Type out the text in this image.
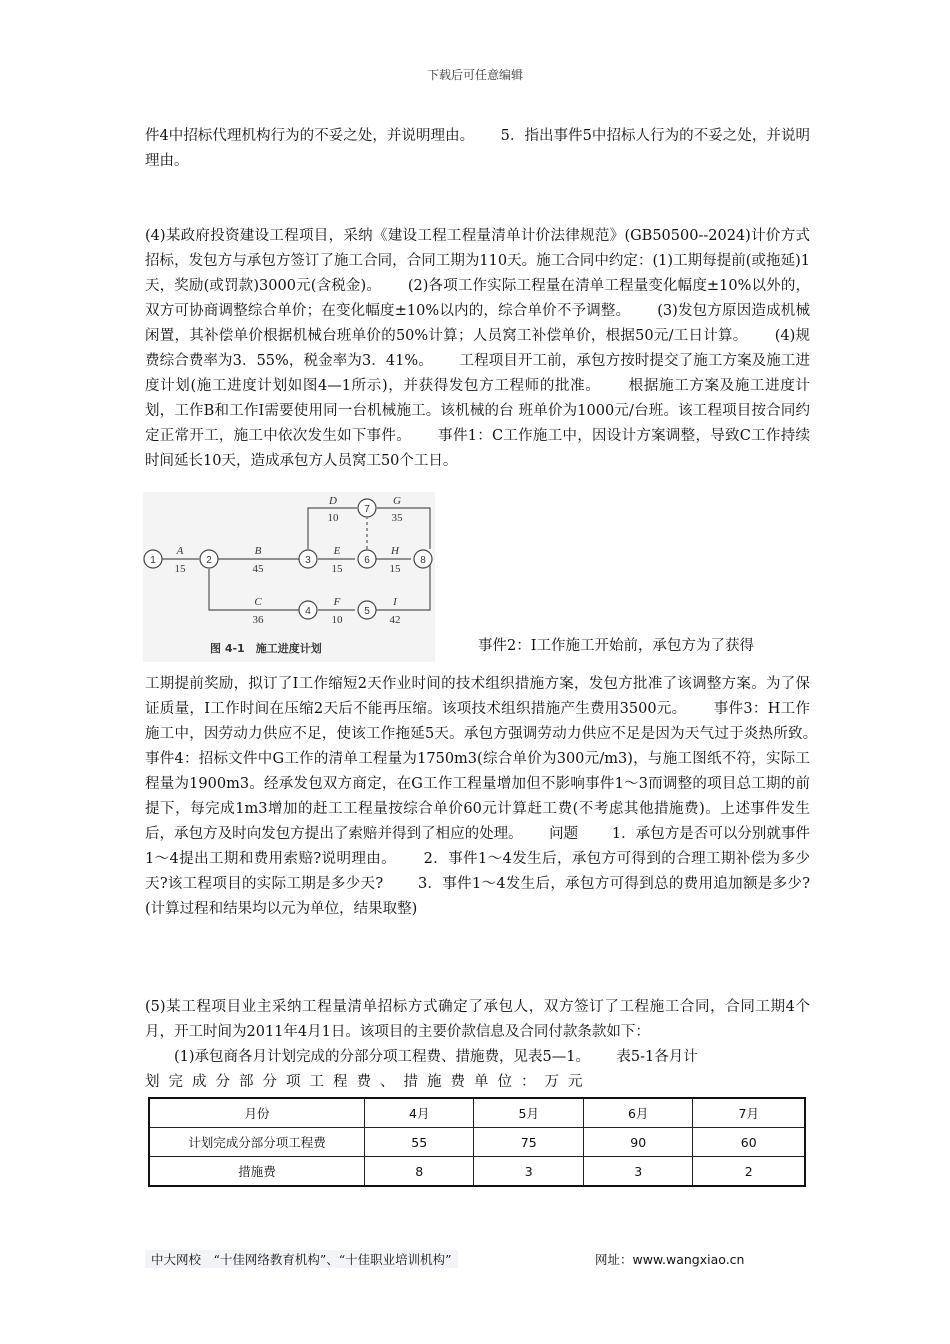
下载后可任意编辑
件4中招标代理机构行为的不妥之处，并说明理由。　　 5．指出事件5中招标人行为的不妥之处，并说明理由。
(4)某政府投资建设工程项目，采纳《建设工程工程量清单计价法律规范》(GB50500--2024)计价方式招标，发包方与承包方签订了施工合同，合同工期为110天。施工合同中约定：(1)工期每提前(或拖延)1天，奖励(或罚款)3000元(含税金)。　　 (2)各项工作实际工程量在清单工程量变化幅度±10%以外的，双方可协商调整综合单价；在变化幅度±10%以内的，综合单价不予调整。　　 (3)发包方原因造成机械闲置，其补偿单价根据机械台班单价的50%计算；人员窝工补偿单价，根据50元/工日计算。　　 (4)规费综合费率为3．55%，税金率为3．41%。　　 工程项目开工前，承包方按时提交了施工方案及施工进度计划(施工进度计划如图4—1所示)，并获得发包方工程师的批准。　　 根据施工方案及施工进度计划，工作B和工作I需要使用同一台机械施工。该机械的台 班单价为1000元/台班。该工程项目按合同约定正常开工，施工中依次发生如下事件。　　 事件1：C工作施工中，因设计方案调整，导致C工作持续时间延长10天，造成承包方人员窝工50个工日。
1	2	3
4	5
6
7
8
A
15
B
45
C
36
D
10
E
15
F
10
G
35
H
15
I
42
图 4-1　施工进度计划	事件2：I工作施工开始前，承包方为了获得
工期提前奖励，拟订了I工作缩短2天作业时间的技术组织措施方案，发包方批准了该调整方案。为了保证质量，I工作时间在压缩2天后不能再压缩。该项技术组织措施产生费用3500元。　　 事件3：H工作施工中，因劳动力供应不足，使该工作拖延5天。承包方强调劳动力供应不足是因为天气过于炎热所致。　　 事件4：招标文件中G工作的清单工程量为1750m3(综合单价为300元/m3)，与施工图纸不符，实际工程量为1900m3。经承发包双方商定，在G工作工程量增加但不影响事件1～3而调整的项目总工期的前提下，每完成1m3增加的赶工工程量按综合单价60元计算赶工费(不考虑其他措施费)。上述事件发生后，承包方及时向发包方提出了索赔并得到了相应的处理。　　 问题　　 1．承包方是否可以分别就事件1～4提出工期和费用索赔?说明理由。　　 2．事件1～4发生后，承包方可得到的合理工期补偿为多少天?该工程项目的实际工期是多少天?　　 3．事件1～4发生后，承包方可得到总的费用追加额是多少?(计算过程和结果均以元为单位，结果取整)
(5)某工程项目业主采纳工程量清单招标方式确定了承包人，双方签订了工程施工合同，合同工期4个月，开工时间为2011年4月1日。该项目的主要价款信息及合同付款条款如下：
　　(1)承包商各月计划完成的分部分项工程费、措施费，见表5—1。　　 表5-1各月计
划完成分部分项工程费、措施费单位：万元
月份	4月	5月	6月	7月
计划完成分部分项工程费	55	75	90	60
措施费	8	3	3	2
中大网校　“十佳网络教育机构”、“十佳职业培训机构”	网址：www.wangxiao.cn
